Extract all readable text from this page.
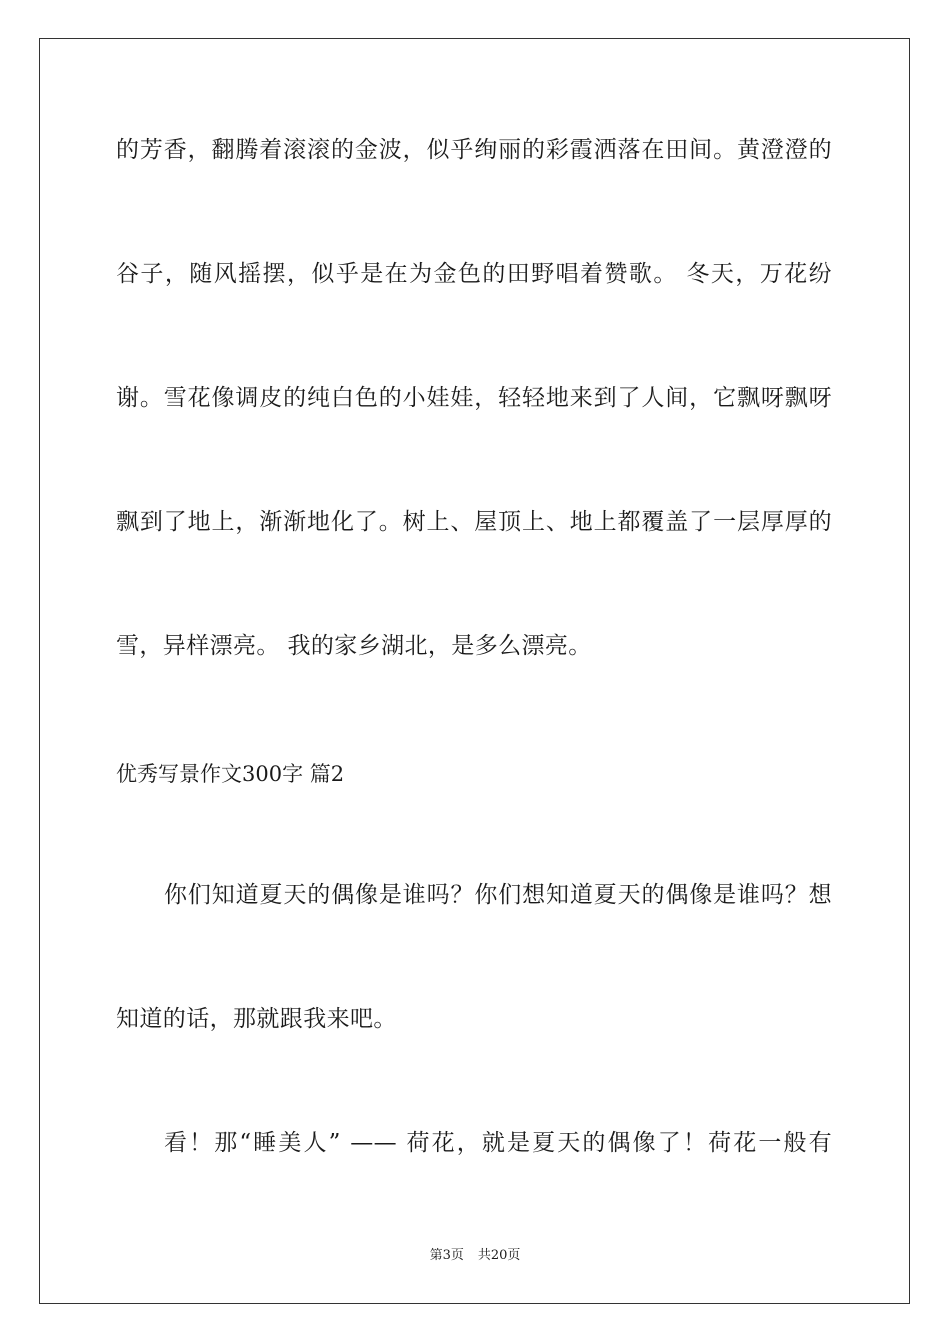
的芳香，翻腾着滚滚的金波，似乎绚丽的彩霞洒落在田间。黄澄澄的
谷子，随风摇摆，似乎是在为金色的田野唱着赞歌。 冬天，万花纷
谢。雪花像调皮的纯白色的小娃娃，轻轻地来到了人间，它飘呀飘呀
飘到了地上，渐渐地化了。树上、屋顶上、地上都覆盖了一层厚厚的
雪，异样漂亮。 我的家乡湖北，是多么漂亮。
优秀写景作文300字 篇2
你们知道夏天的偶像是谁吗？你们想知道夏天的偶像是谁吗？想
知道的话，那就跟我来吧。
看！那“睡美人” —— 荷花，就是夏天的偶像了！荷花一般有
第3页 共20页
